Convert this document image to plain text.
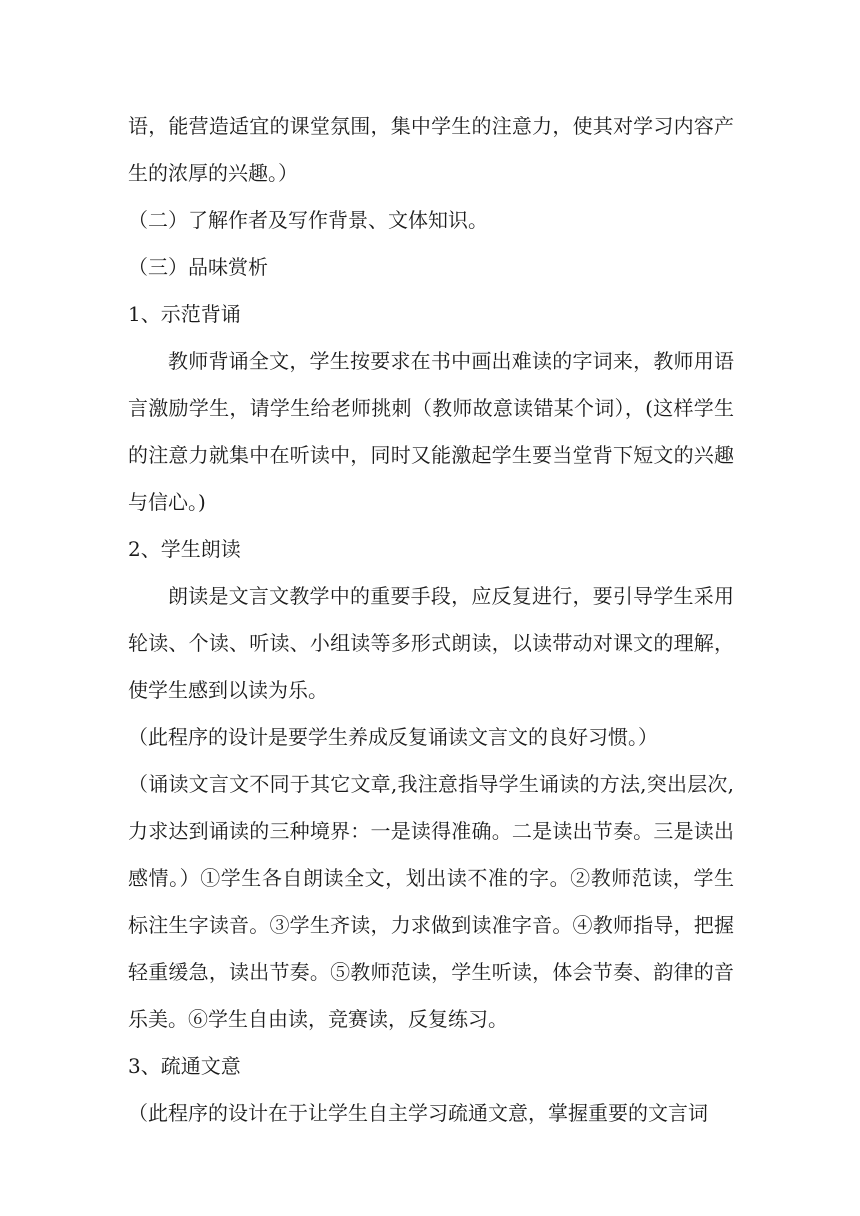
语，能营造适宜的课堂氛围，集中学生的注意力，使其对学习内容产生的浓厚的兴趣。）

（二）了解作者及写作背景、文体知识。

（三）品味赏析

1、示范背诵

教师背诵全文，学生按要求在书中画出难读的字词来，教师用语言激励学生，请学生给老师挑刺（教师故意读错某个词），(这样学生的注意力就集中在听读中，同时又能激起学生要当堂背下短文的兴趣与信心。)

2、学生朗读

朗读是文言文教学中的重要手段，应反复进行，要引导学生采用轮读、个读、听读、小组读等多形式朗读，以读带动对课文的理解，使学生感到以读为乐。

（此程序的设计是要学生养成反复诵读文言文的良好习惯。）

（诵读文言文不同于其它文章,我注意指导学生诵读的方法,突出层次,力求达到诵读的三种境界：一是读得准确。二是读出节奏。三是读出感情。）①学生各自朗读全文，划出读不准的字。②教师范读，学生标注生字读音。③学生齐读，力求做到读准字音。④教师指导，把握轻重缓急，读出节奏。⑤教师范读，学生听读，体会节奏、韵律的音乐美。⑥学生自由读，竞赛读，反复练习。

3、疏通文意

（此程序的设计在于让学生自主学习疏通文意，掌握重要的文言词
